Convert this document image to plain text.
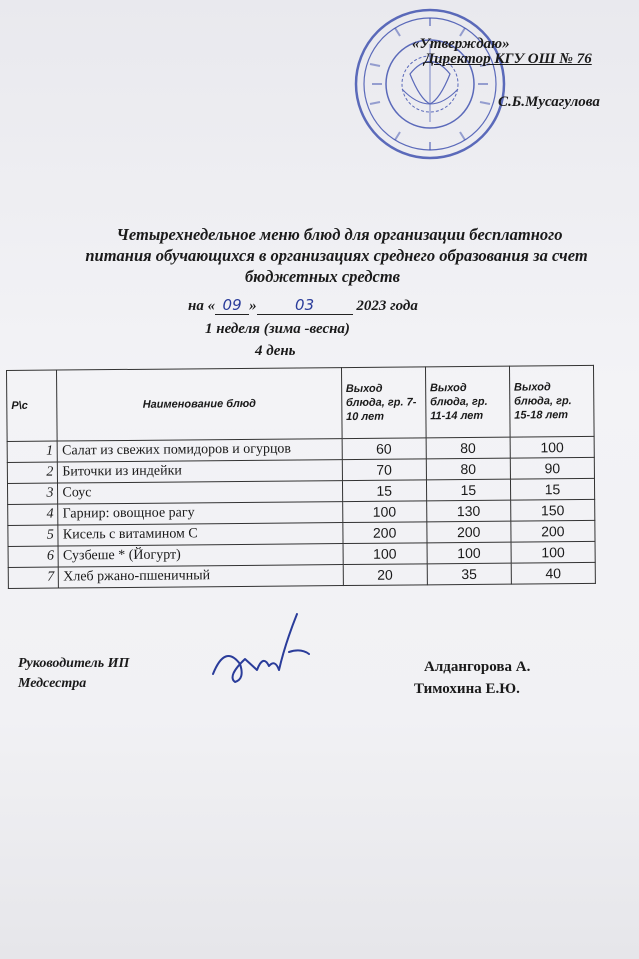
«Утверждаю»
Директор КГУ ОШ № 76
С.Б.Мусагулова
Четырехнедельное меню блюд для организации бесплатного
питания обучающихся в организациях среднего образования за счет
бюджетных средств
на « 09 »	03	2023 года
1 неделя (зима -весна)
4 день
Р\с	Наименование блюд	Выход блюда, гр. 7-10 лет	Выход блюда, гр. 11-14 лет	Выход блюда, гр. 15-18 лет
1	Салат из свежих помидоров и огурцов	60	80	100
2	Биточки из индейки	70	80	90
3	Соус	15	15	15
4	Гарнир: овощное рагу	100	130	150
5	Кисель с витамином С	200	200	200
6	Сузбеше * (Йогурт)	100	100	100
7	Хлеб ржано-пшеничный	20	35	40
Руководитель ИП
Медсестра
Алдангорова А.
Тимохина Е.Ю.
